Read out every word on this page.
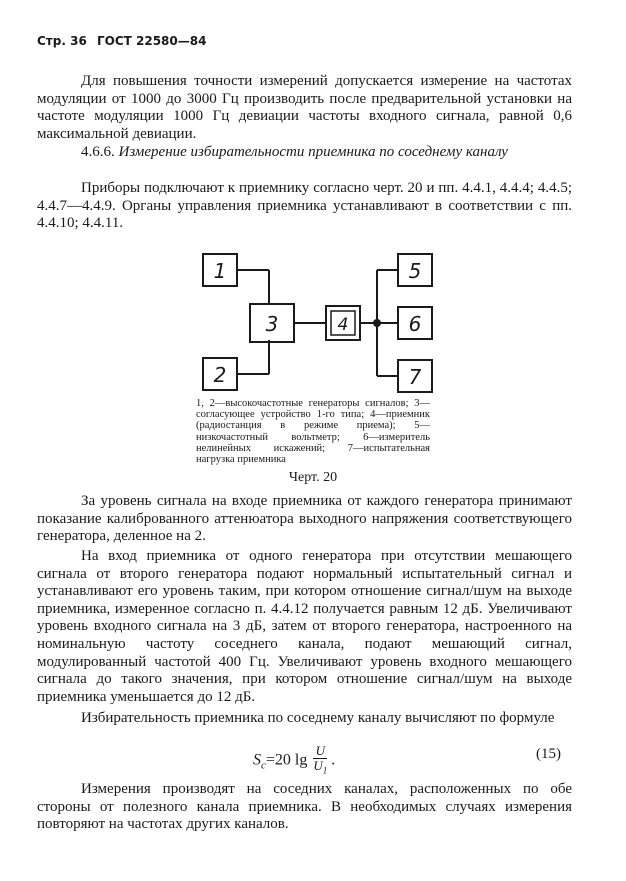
Стр. 36 ГОСТ 22580—84

Для повышения точности измерений допускается измерение на частотах модуляции от 1000 до 3000 Гц производить после предварительной установки на частоте модуляции 1000 Гц девиации частоты входного сигнала, равной 0,6 максимальной девиации.

4.6.6. Измерение избирательности приемника по соседнему каналу

Приборы подключают к приемнику согласно черт. 20 и пп. 4.4.1, 4.4.4; 4.4.5; 4.4.7—4.4.9. Органы управления приемника устанавливают в соответствии с пп. 4.4.10; 4.4.11.

1
2
3	4
5
6
7

1, 2—высокочастотные генераторы сигналов; 3—согласующее устройство 1-го типа; 4—приемник (радиостанция в режиме приема); 5—низкочастотный вольтметр; 6—измеритель нелинейных искажений; 7—испытательная нагрузка приемника

Черт. 20

За уровень сигнала на входе приемника от каждого генератора принимают показание калиброванного аттенюатора выходного напряжения соответствующего генератора, деленное на 2.

На вход приемника от одного генератора при отсутствии мешающего сигнала от второго генератора подают нормальный испытательный сигнал и устанавливают его уровень таким, при котором отношение сигнал/шум на выходе приемника, измеренное согласно п. 4.4.12 получается равным 12 дБ. Увеличивают уровень входного сигнала на 3 дБ, затем от второго генератора, настроенного на номинальную частоту соседнего канала, подают мешающий сигнал, модулированный частотой 400 Гц. Увеличивают уровень входного мешающего сигнала до такого значения, при котором отношение сигнал/шум на выходе приемника уменьшается до 12 дБ.

Избирательность приемника по соседнему каналу вычисляют по формуле

$S_c=20$ $\lg \frac{U}{U_1}$ .	(15)

Измерения производят на соседних каналах, расположенных по обе стороны от полезного канала приемника. В необходимых случаях измерения повторяют на частотах других каналов.
